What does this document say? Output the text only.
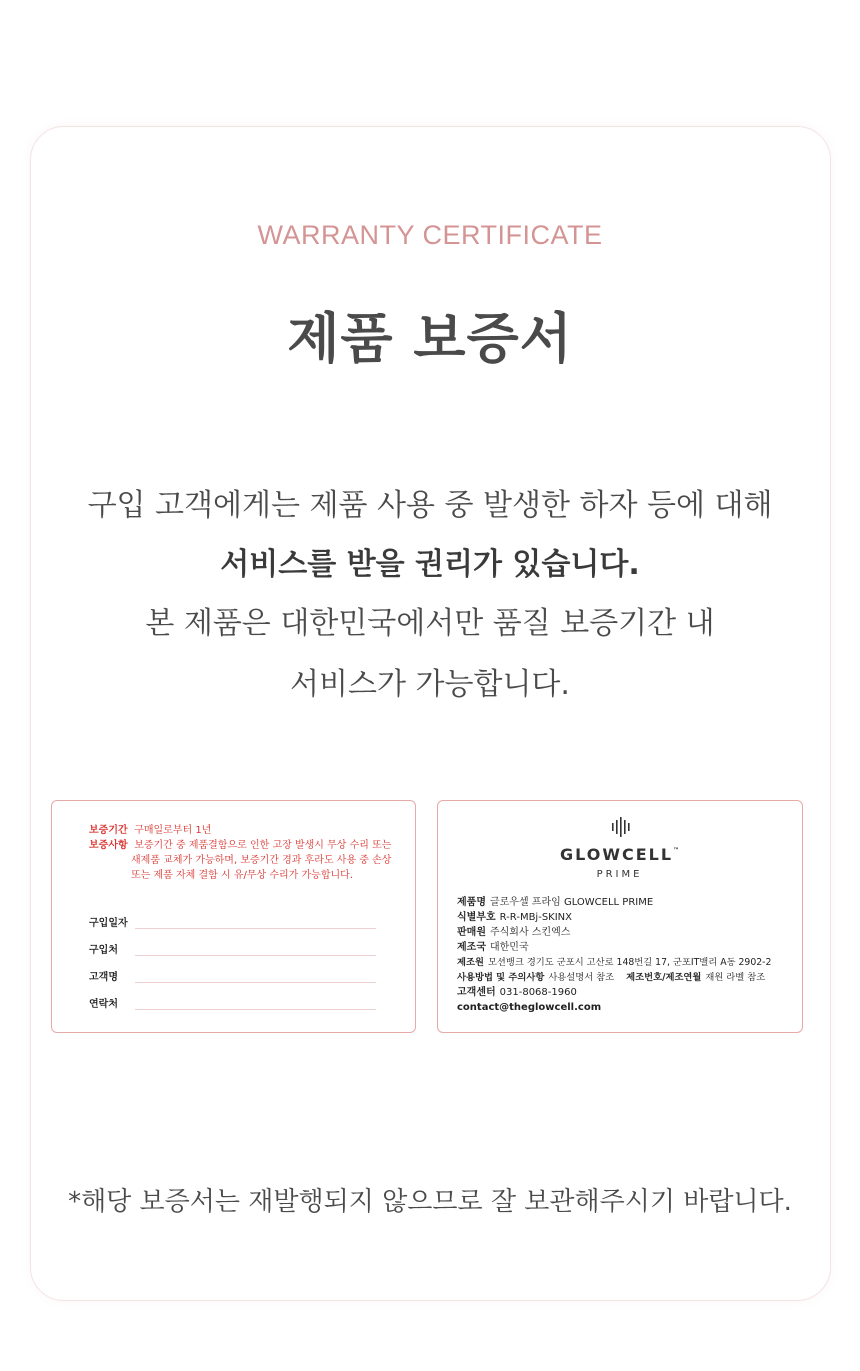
WARRANTY CERTIFICATE
제품 보증서
구입 고객에게는 제품 사용 중 발생한 하자 등에 대해
서비스를 받을 권리가 있습니다.
본 제품은 대한민국에서만 품질 보증기간 내
서비스가 가능합니다.
보증기간 구매일로부터 1년
보증사항 보증기간 중 제품결함으로 인한 고장 발생시 무상 수리 또는
새제품 교체가 가능하며, 보증기간 경과 후라도 사용 중 손상
또는 제품 자체 결함 시 유/무상 수리가 가능합니다.
구입일자
구입처
고객명
연락처
GLOWCELL™
PRIME
제품명 글로우셀 프라임 GLOWCELL PRIME
식별부호 R-R-MBj-SKINX
판매원 주식회사 스킨엑스
제조국 대한민국
제조원 모션뱅크 경기도 군포시 고산로 148번길 17, 군포IT밸리 A동 2902-2
사용방법 및 주의사항 사용설명서 참조 제조번호/제조연월 재원 라벨 참조
고객센터 031-8068-1960
contact@theglowcell.com
*해당 보증서는 재발행되지 않으므로 잘 보관해주시기 바랍니다.
